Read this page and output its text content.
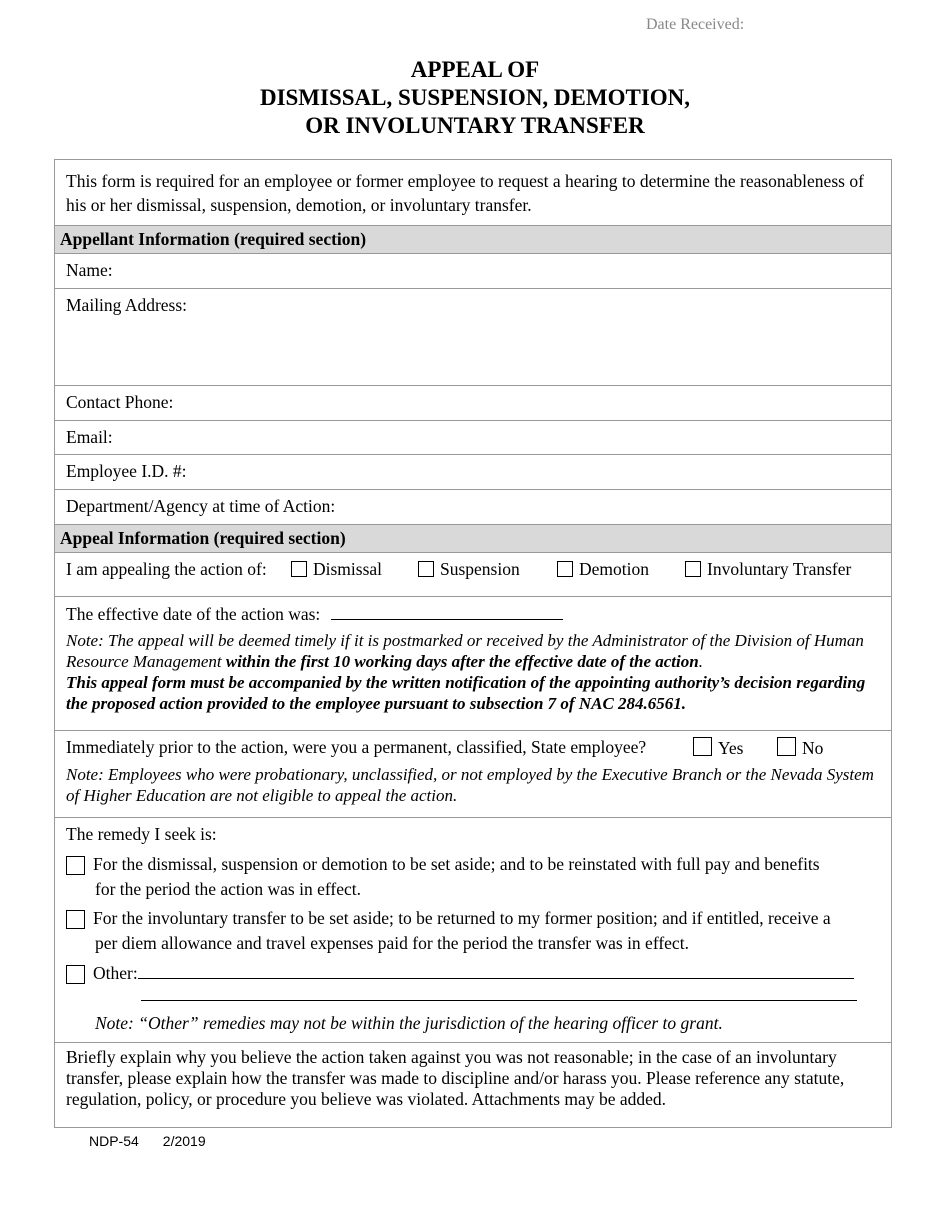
Date Received:
APPEAL OF
DISMISSAL, SUSPENSION, DEMOTION,
OR INVOLUNTARY TRANSFER
This form is required for an employee or former employee to request a hearing to determine the reasonableness of his or her dismissal, suspension, demotion, or involuntary transfer.
Appellant Information (required section)
Name:
Mailing Address:
Contact Phone:
Email:
Employee I.D. #:
Department/Agency at time of Action:
Appeal Information (required section)
I am appealing the action of:	Dismissal	Suspension	Demotion	Involuntary Transfer
The effective date of the action was:
Note: The appeal will be deemed timely if it is postmarked or received by the Administrator of the Division of Human Resource Management within the first 10 working days after the effective date of the action.
This appeal form must be accompanied by the written notification of the appointing authority’s decision regarding the proposed action provided to the employee pursuant to subsection 7 of NAC 284.6561.
Immediately prior to the action, were you a permanent, classified, State employee?	Yes	No
Note: Employees who were probationary, unclassified, or not employed by the Executive Branch or the Nevada System of Higher Education are not eligible to appeal the action.
The remedy I seek is:
For the dismissal, suspension or demotion to be set aside; and to be reinstated with full pay and benefits
for the period the action was in effect.
For the involuntary transfer to be set aside; to be returned to my former position; and if entitled, receive a
per diem allowance and travel expenses paid for the period the transfer was in effect.
Other:
Note: “Other” remedies may not be within the jurisdiction of the hearing officer to grant.
Briefly explain why you believe the action taken against you was not reasonable; in the case of an involuntary transfer, please explain how the transfer was made to discipline and/or harass you. Please reference any statute, regulation, policy, or procedure you believe was violated. Attachments may be added.
NDP-54 2/2019
